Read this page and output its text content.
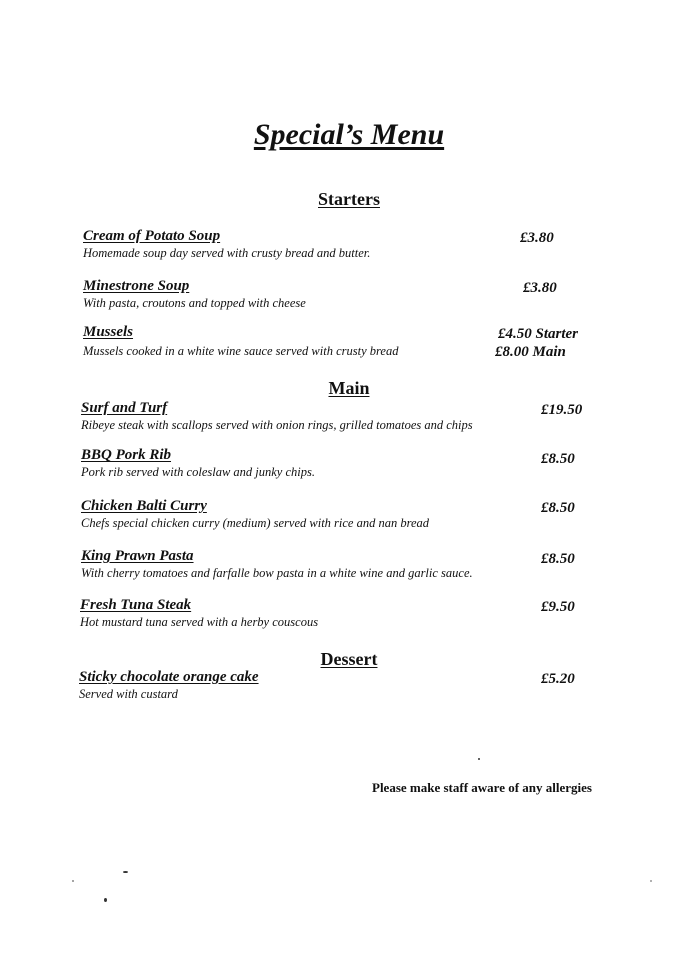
Special’s Menu
Starters
Cream of Potato Soup
Homemade soup day served with crusty bread and butter.
£3.80
Minestrone Soup
With pasta, croutons and topped with cheese
£3.80
Mussels
Mussels cooked in a white wine sauce served with crusty bread
£4.50 Starter
£8.00 Main
Main
Surf and Turf
Ribeye steak with scallops served with onion rings, grilled tomatoes and chips
£19.50
BBQ Pork Rib
Pork rib served with coleslaw and junky chips.
£8.50
Chicken Balti Curry
Chefs special chicken curry (medium) served with rice and nan bread
£8.50
King Prawn Pasta
With cherry tomatoes and farfalle bow pasta in a white wine and garlic sauce.
£8.50
Fresh Tuna Steak
Hot mustard tuna served with a herby couscous
£9.50
Dessert
Sticky chocolate orange cake
Served with custard
£5.20
Please make staff aware of any allergies
